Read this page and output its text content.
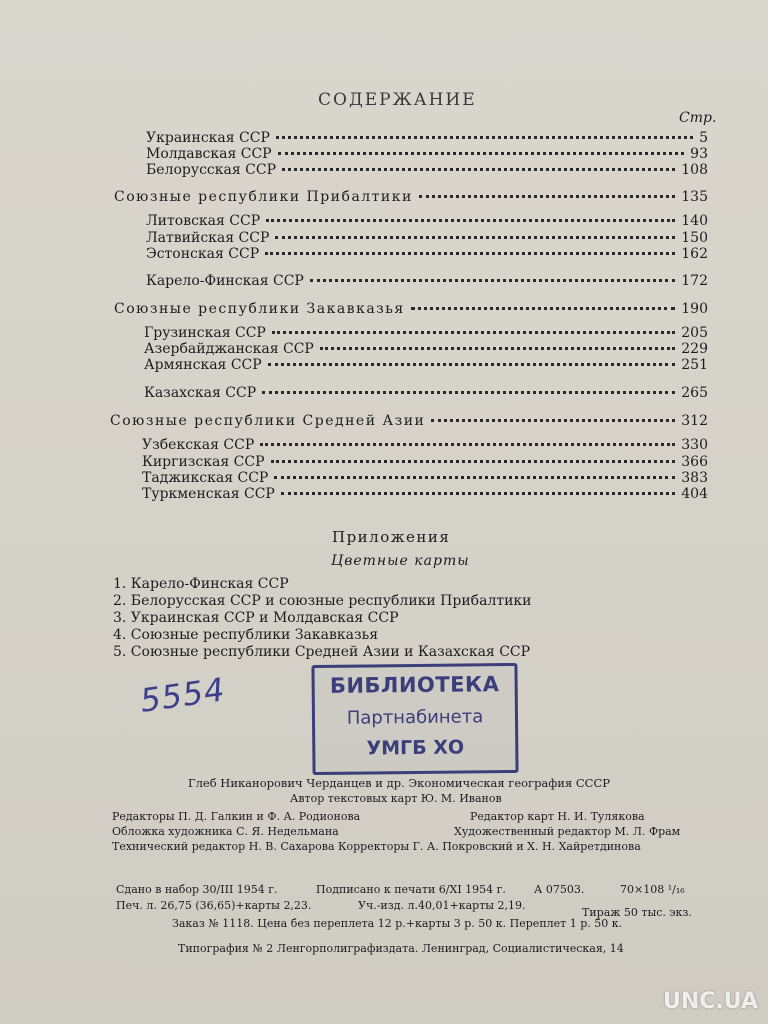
СОДЕРЖАНИЕ
Стр.
Украинская ССР	5
Молдавская ССР	93
Белорусская ССР	108
Союзные республики Прибалтики	135
Литовская ССР	140
Латвийская ССР	150
Эстонская ССР	162
Карело-Финская ССР	172
Союзные республики Закавказья	190
Грузинская ССР	205
Азербайджанская ССР	229
Армянская ССР	251
Казахская ССР	265
Союзные республики Средней Азии	312
Узбекская ССР	330
Киргизская ССР	366
Таджикская ССР	383
Туркменская ССР	404
Приложения
Цветные карты
1. Карело-Финская ССР
2. Белорусская ССР и союзные республики Прибалтики
3. Украинская ССР и Молдавская ССР
4. Союзные республики Закавказья
5. Союзные республики Средней Азии и Казахская ССР
5554	БИБЛИОТЕКА
Партнабинета
УМГБ ХО
Глеб Никанорович Черданцев и др. Экономическая география СССР
Автор текстовых карт Ю. М. Иванов
Редакторы П. Д. Галкин и Ф. А. Родионова	Редактор карт Н. И. Тулякова
Обложка художника С. Я. Недельмана	Художественный редактор М. Л. Фрам
Технический редактор Н. В. Сахарова Корректоры Г. А. Покровский и Х. Н. Хайретдинова
Сдано в набор 30/III 1954 г.	Подписано к печати 6/XI 1954 г.	А 07503.	70×108 ¹/₁₆
Печ. л. 26,75 (36,65)+карты 2,23.	Уч.-изд. л.40,01+карты 2,19.
Тираж 50 тыс. экз.
Заказ № 1118. Цена без переплета 12 р.+карты 3 р. 50 к. Переплет 1 р. 50 к.
Типография № 2 Ленгорполиграфиздата. Ленинград, Социалистическая, 14
UNC.UA
